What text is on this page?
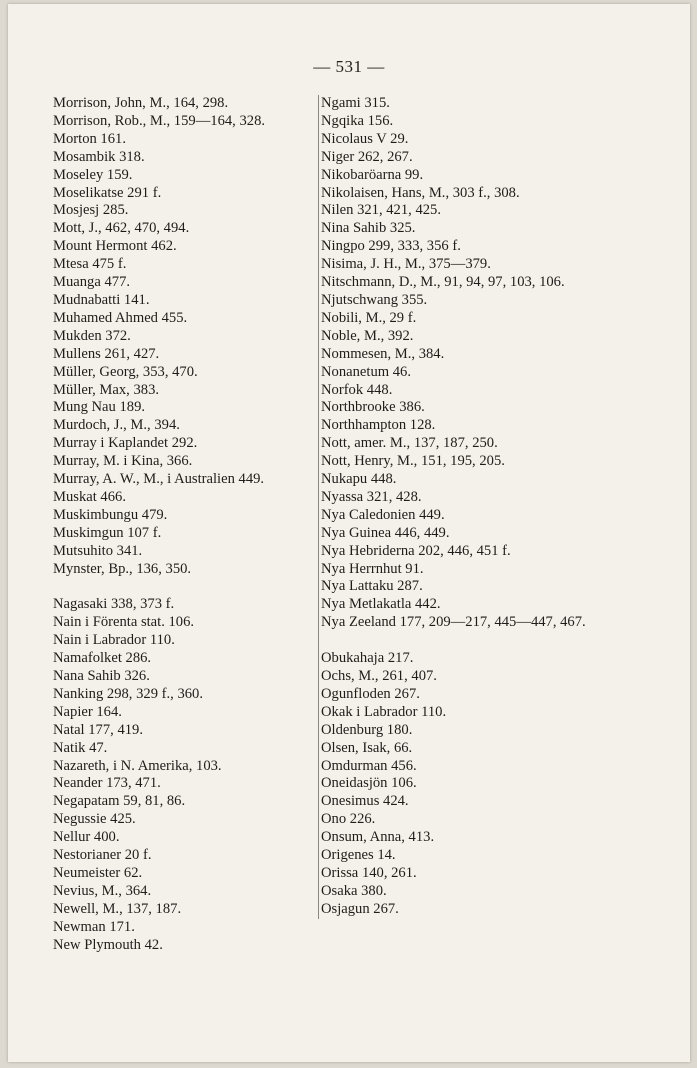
— 531 —
Morrison, John, M., 164, 298.
Morrison, Rob., M., 159—164, 328.
Morton 161.
Mosambik 318.
Moseley 159.
Moselikatse 291 f.
Mosjesj 285.
Mott, J., 462, 470, 494.
Mount Hermont 462.
Mtesa 475 f.
Muanga 477.
Mudnabatti 141.
Muhamed Ahmed 455.
Mukden 372.
Mullens 261, 427.
Müller, Georg, 353, 470.
Müller, Max, 383.
Mung Nau 189.
Murdoch, J., M., 394.
Murray i Kaplandet 292.
Murray, M. i Kina, 366.
Murray, A. W., M., i Australien 449.
Muskat 466.
Muskimbungu 479.
Muskimgun 107 f.
Mutsuhito 341.
Mynster, Bp., 136, 350.
Nagasaki 338, 373 f.
Nain i Förenta stat. 106.
Nain i Labrador 110.
Namafolket 286.
Nana Sahib 326.
Nanking 298, 329 f., 360.
Napier 164.
Natal 177, 419.
Natik 47.
Nazareth, i N. Amerika, 103.
Neander 173, 471.
Negapatam 59, 81, 86.
Negussie 425.
Nellur 400.
Nestorianer 20 f.
Neumeister 62.
Nevius, M., 364.
Newell, M., 137, 187.
Newman 171.
New Plymouth 42.
Ngami 315.
Ngqika 156.
Nicolaus V 29.
Niger 262, 267.
Nikobaröarna 99.
Nikolaisen, Hans, M., 303 f., 308.
Nilen 321, 421, 425.
Nina Sahib 325.
Ningpo 299, 333, 356 f.
Nisima, J. H., M., 375—379.
Nitschmann, D., M., 91, 94, 97, 103, 106.
Njutschwang 355.
Nobili, M., 29 f.
Noble, M., 392.
Nommesen, M., 384.
Nonanetum 46.
Norfok 448.
Northbrooke 386.
Northhampton 128.
Nott, amer. M., 137, 187, 250.
Nott, Henry, M., 151, 195, 205.
Nukapu 448.
Nyassa 321, 428.
Nya Caledonien 449.
Nya Guinea 446, 449.
Nya Hebriderna 202, 446, 451 f.
Nya Herrnhut 91.
Nya Lattaku 287.
Nya Metlakatla 442.
Nya Zeeland 177, 209—217, 445—447, 467.
Obukahaja 217.
Ochs, M., 261, 407.
Ogunfloden 267.
Okak i Labrador 110.
Oldenburg 180.
Olsen, Isak, 66.
Omdurman 456.
Oneidasjön 106.
Onesimus 424.
Ono 226.
Onsum, Anna, 413.
Origenes 14.
Orissa 140, 261.
Osaka 380.
Osjagun 267.
